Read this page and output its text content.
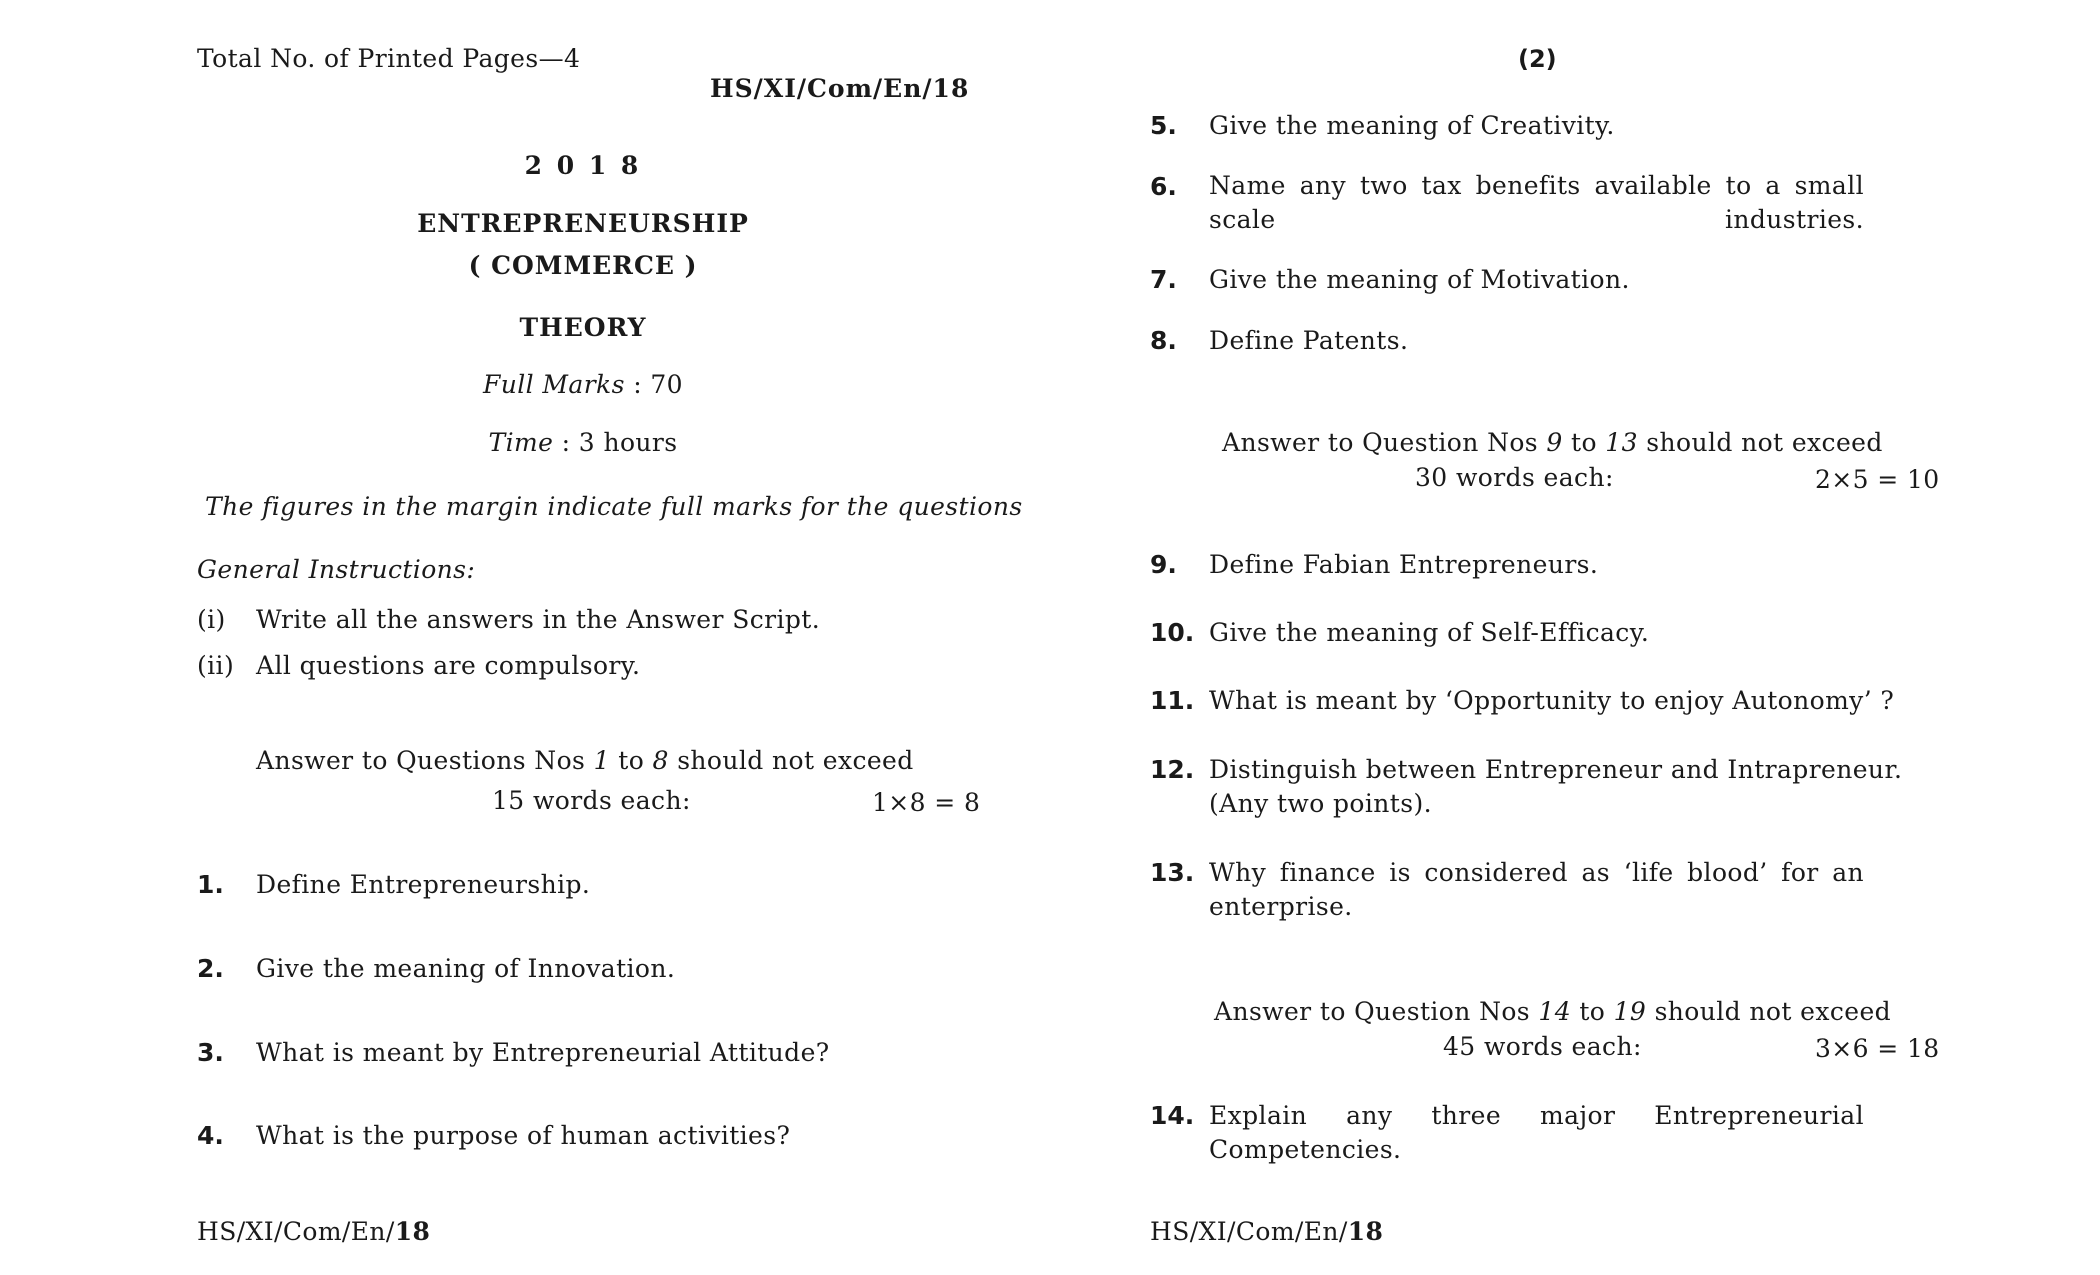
Total No. of Printed Pages—4
HS/XI/Com/En/18
2 0 1 8
ENTREPRENEURSHIP
( COMMERCE )
THEORY
Full Marks : 70
Time : 3 hours
The figures in the margin indicate full marks for the questions
General Instructions:
(i) Write all the answers in the Answer Script.
(ii) All questions are compulsory.
Answer to Questions Nos 1 to 8 should not exceed
15 words each:	1×8 = 8
1. Define Entrepreneurship.
2. Give the meaning of Innovation.
3. What is meant by Entrepreneurial Attitude?
4. What is the purpose of human activities?
HS/XI/Com/En/18
(2)
5. Give the meaning of Creativity.
6. Name any two tax benefits available to a small scale industries.
7. Give the meaning of Motivation.
8. Define Patents.
Answer to Question Nos 9 to 13 should not exceed
30 words each:	2×5 = 10
9. Define Fabian Entrepreneurs.
10. Give the meaning of Self-Efficacy.
11. What is meant by ‘Opportunity to enjoy Autonomy’ ?
12. Distinguish between Entrepreneur and Intrapreneur.
(Any two points).
13. Why finance is considered as ‘life blood’ for an
enterprise.
Answer to Question Nos 14 to 19 should not exceed
45 words each:	3×6 = 18
14. Explain any three major Entrepreneurial
Competencies.
HS/XI/Com/En/18
